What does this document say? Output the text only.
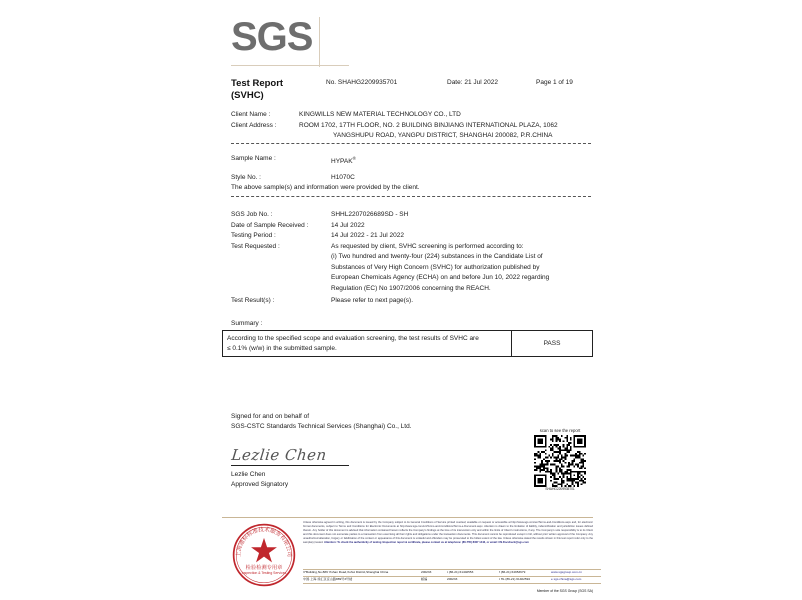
SGS
Test Report
(SVHC)
No. SHAHG2209935701	Date: 21 Jul 2022	Page 1 of 19
Client Name :	KINGWILLS NEW MATERIAL TECHNOLOGY CO., LTD
Client Address :	ROOM 1702, 17TH FLOOR, NO. 2 BUILDING BINJIANG INTERNATIONAL PLAZA, 1062
YANGSHUPU ROAD, YANGPU DISTRICT, SHANGHAI 200082, P.R.CHINA
Sample Name :	HYPAK®
Style No. :	H1070C
The above sample(s) and information were provided by the client.
SGS Job No. :	SHHL2207026689SD - SH
Date of Sample Received :	14 Jul 2022
Testing Period :	14 Jul 2022 - 21 Jul 2022
Test Requested :	As requested by client, SVHC screening is performed according to:
(i) Two hundred and twenty-four (224) substances in the Candidate List of
Substances of Very High Concern (SVHC) for authorization published by
European Chemicals Agency (ECHA) on and before Jun 10, 2022 regarding
Regulation (EC) No 1907/2006 concerning the REACH.
Test Result(s) :	Please refer to next page(s).
Summary :
According to the specified scope and evaluation screening, the test results of SVHC are
≤ 0.1% (w/w) in the submitted sample.
	PASS
Signed for and on behalf of
SGS-CSTC Standards Technical Services (Shanghai) Co., Ltd.
Lezlie Chen
Lezlie Chen
Approved Signatory
scan to see the report
SHAHG2209935701
上海通标标准技术服务有限公司
检验检测专用章
Inspection & Testing Services
Unless otherwise agreed in writing, this document is issued by the Company subject to its General Conditions of Service printed overleaf, available on request or accessible at http://www.sgs.com/en/Terms-and-Conditions.aspx and, for electronic format documents, subject to Terms and Conditions for Electronic Documents at http://www.sgs.com/en/Terms-and-Conditions/Terms-e-Document.aspx. Attention is drawn to the limitation of liability, indemnification and jurisdiction issues defined therein. Any holder of this document is advised that information contained hereon reflects the Company's findings at the time of its intervention only and within the limits of Client's instructions, if any. The Company's sole responsibility is to its Client and this document does not exonerate parties to a transaction from exercising all their rights and obligations under the transaction documents. This document cannot be reproduced except in full, without prior written approval of the Company. Any unauthorized alteration, forgery or falsification of the content or appearance of this document is unlawful and offenders may be prosecuted to the fullest extent of the law. Unless otherwise stated the results shown in this test report refer only to the sample(s) tested. Attention: To check the authenticity of testing /inspection report & certificate, please contact us at telephone: (86-755) 8307 1443, or email: CN.Doccheck@sgs.com
3°Building,No.889 Yishan Road,Xuhui District,Shanghai China	200233	t (86-21) 61402553	f (86-21) 64953679	www.sgsgroup.com.cn
中国·上海·徐汇区宜山路889号3号楼	邮编	200233	t HL (86-21) 61402594	e sgs.china@sgs.com
Member of the SGS Group (SGS SA)
